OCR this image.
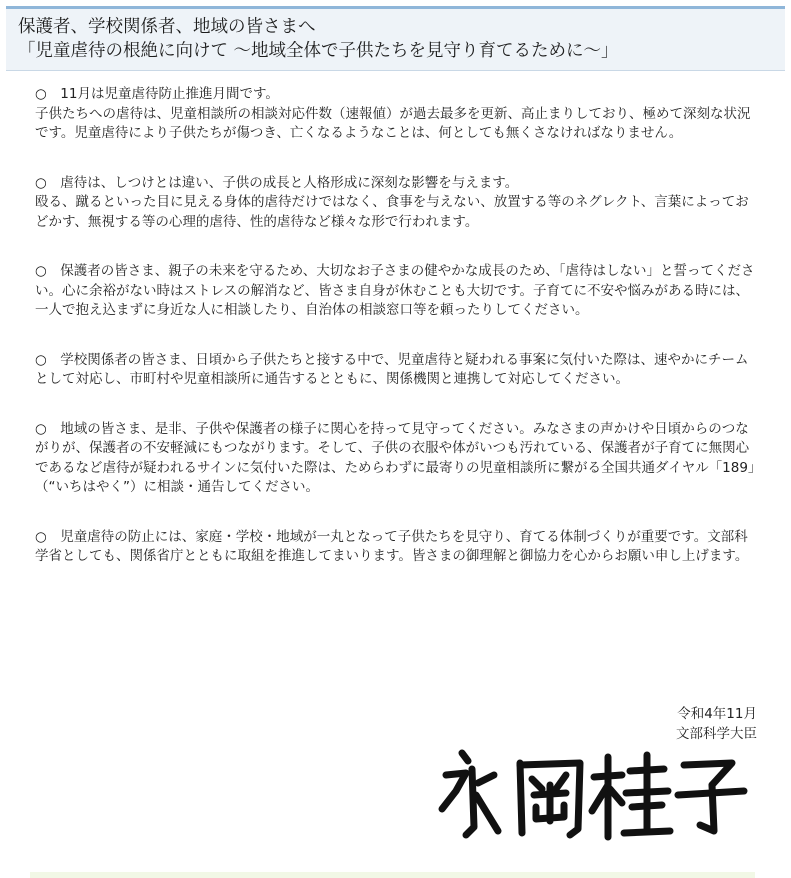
保護者、学校関係者、地域の皆さまへ
「児童虐待の根絶に向けて ～地域全体で子供たちを見守り育てるために～」
○　11月は児童虐待防止推進月間です。
子供たちへの虐待は、児童相談所の相談対応件数（速報値）が過去最多を更新、高止まりしており、極めて深刻な状況です。児童虐待により子供たちが傷つき、亡くなるようなことは、何としても無くさなければなりません。
○　虐待は、しつけとは違い、子供の成長と人格形成に深刻な影響を与えます。
殴る、蹴るといった目に見える身体的虐待だけではなく、食事を与えない、放置する等のネグレクト、言葉によっておどかす、無視する等の心理的虐待、性的虐待など様々な形で行われます。
○　保護者の皆さま、親子の未来を守るため、大切なお子さまの健やかな成長のため、「虐待はしない」と誓ってください。心に余裕がない時はストレスの解消など、皆さま自身が休むことも大切です。子育てに不安や悩みがある時には、一人で抱え込まずに身近な人に相談したり、自治体の相談窓口等を頼ったりしてください。
○　学校関係者の皆さま、日頃から子供たちと接する中で、児童虐待と疑われる事案に気付いた際は、速やかにチームとして対応し、市町村や児童相談所に通告するとともに、関係機関と連携して対応してください。
○　地域の皆さま、是非、子供や保護者の様子に関心を持って見守ってください。みなさまの声かけや日頃からのつながりが、保護者の不安軽減にもつながります。そして、子供の衣服や体がいつも汚れている、保護者が子育てに無関心であるなど虐待が疑われるサインに気付いた際は、ためらわずに最寄りの児童相談所に繋がる全国共通ダイヤル「189」（“いちはやく”）に相談・通告してください。
○　児童虐待の防止には、家庭・学校・地域が一丸となって子供たちを見守り、育てる体制づくりが重要です。文部科学省としても、関係省庁とともに取組を推進してまいります。皆さまの御理解と御協力を心からお願い申し上げます。
令和4年11月
文部科学大臣
